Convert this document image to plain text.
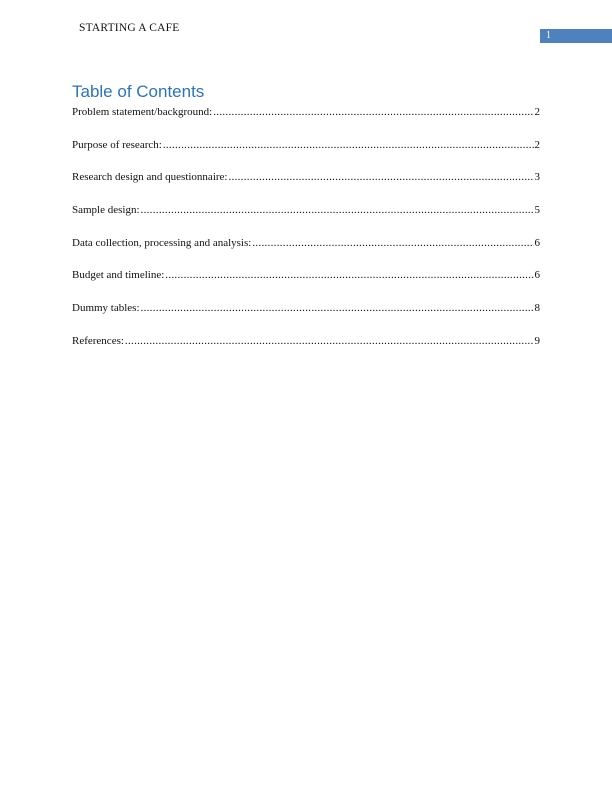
STARTING A CAFE
1
Table of Contents
Problem statement/background: .....	2
Purpose of research: .....	2
Research design and questionnaire: .....	3
Sample design: .....	5
Data collection, processing and analysis: .....	6
Budget and timeline: .....	6
Dummy tables: .....	8
References: .....	9
